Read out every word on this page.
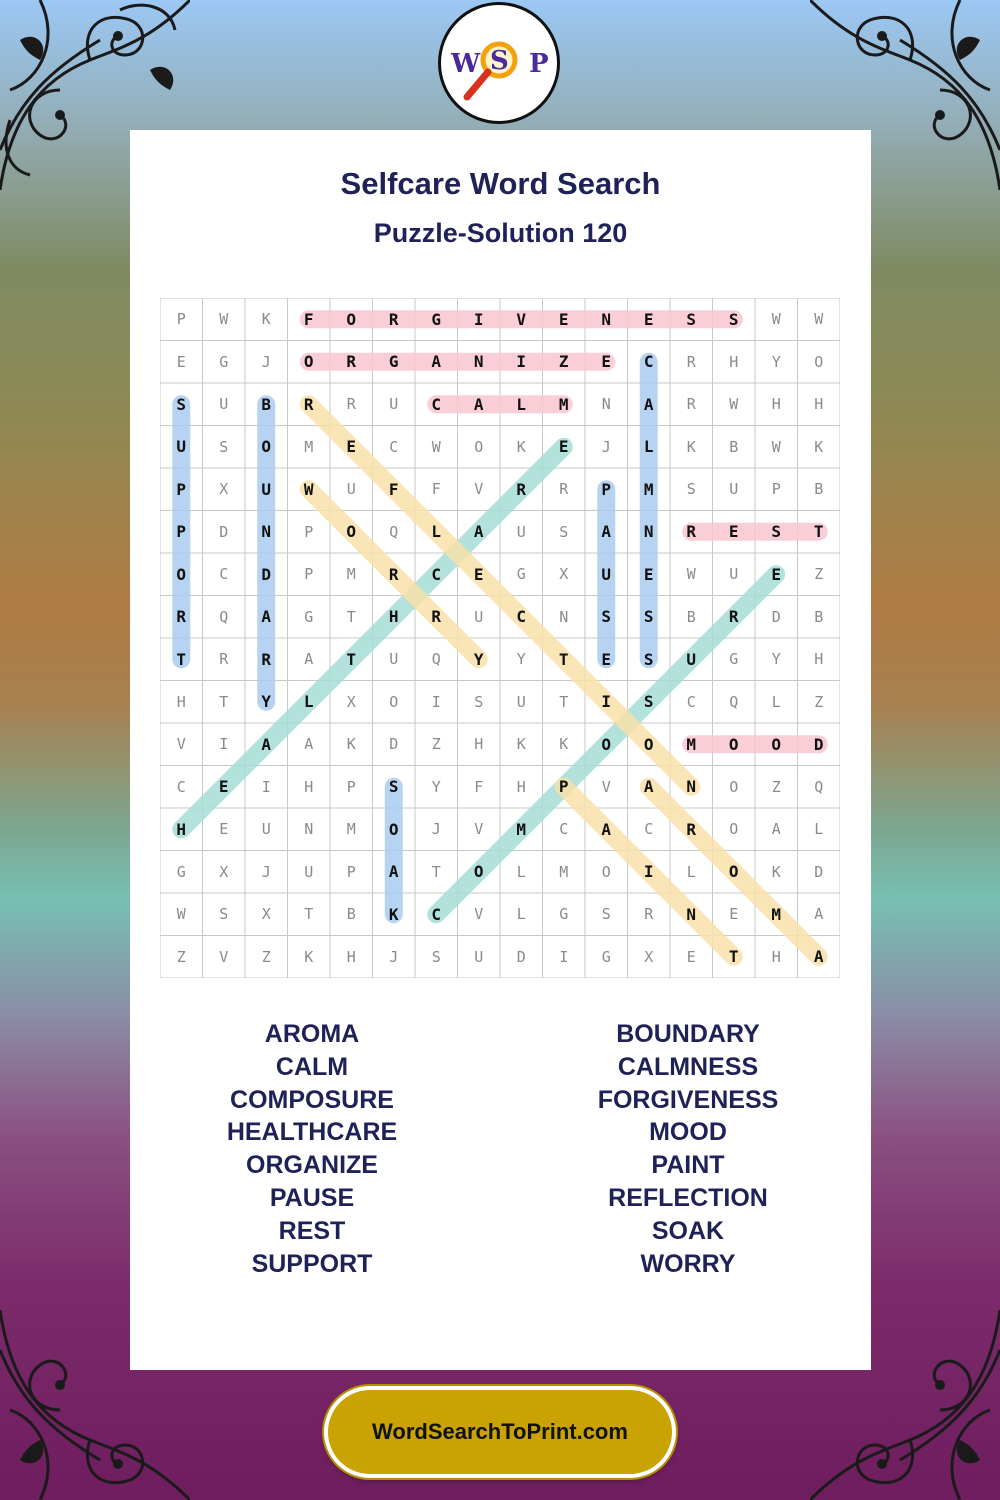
W S P
Selfcare Word Search
Puzzle-Solution 120
P	W	K	F	O	R	G	I	V	E	N	E	S	S	W	W
E	G	J	O	R	G	A	N	I	Z	E	C	R	H	Y	O
S	U	B	R	R	U	C	A	L	M	N	A	R	W	H	H
U	S	O	M	E	C	W	O	K	E	J	L	K	B	W	K
P	X	U	W	U	F	F	V	R	R	P	M	S	U	P	B
P	D	N	P	O	Q	L	A	U	S	A	N	R	E	S	T
O	C	D	P	M	R	C	E	G	X	U	E	W	U	E	Z
R	Q	A	G	T	H	R	U	C	N	S	S	B	R	D	B
T	R	R	A	T	U	Q	Y	Y	T	E	S	U	G	Y	H
H	T	Y	L	X	O	I	S	U	T	I	S	C	Q	L	Z
V	I	A	A	K	D	Z	H	K	K	O	O	M	O	O	D
C	E	I	H	P	S	Y	F	H	P	V	A	N	O	Z	Q
H	E	U	N	M	O	J	V	M	C	A	C	R	O	A	L
G	X	J	U	P	A	T	O	L	M	O	I	L	O	K	D
W	S	X	T	B	K	C	V	L	G	S	R	N	E	M	A
Z	V	Z	K	H	J	S	U	D	I	G	X	E	T	H	A
AROMA
CALM
COMPOSURE
HEALTHCARE
ORGANIZE
PAUSE
REST
SUPPORT
BOUNDARY
CALMNESS
FORGIVENESS
MOOD
PAINT
REFLECTION
SOAK
WORRY
WordSearchToPrint.com
